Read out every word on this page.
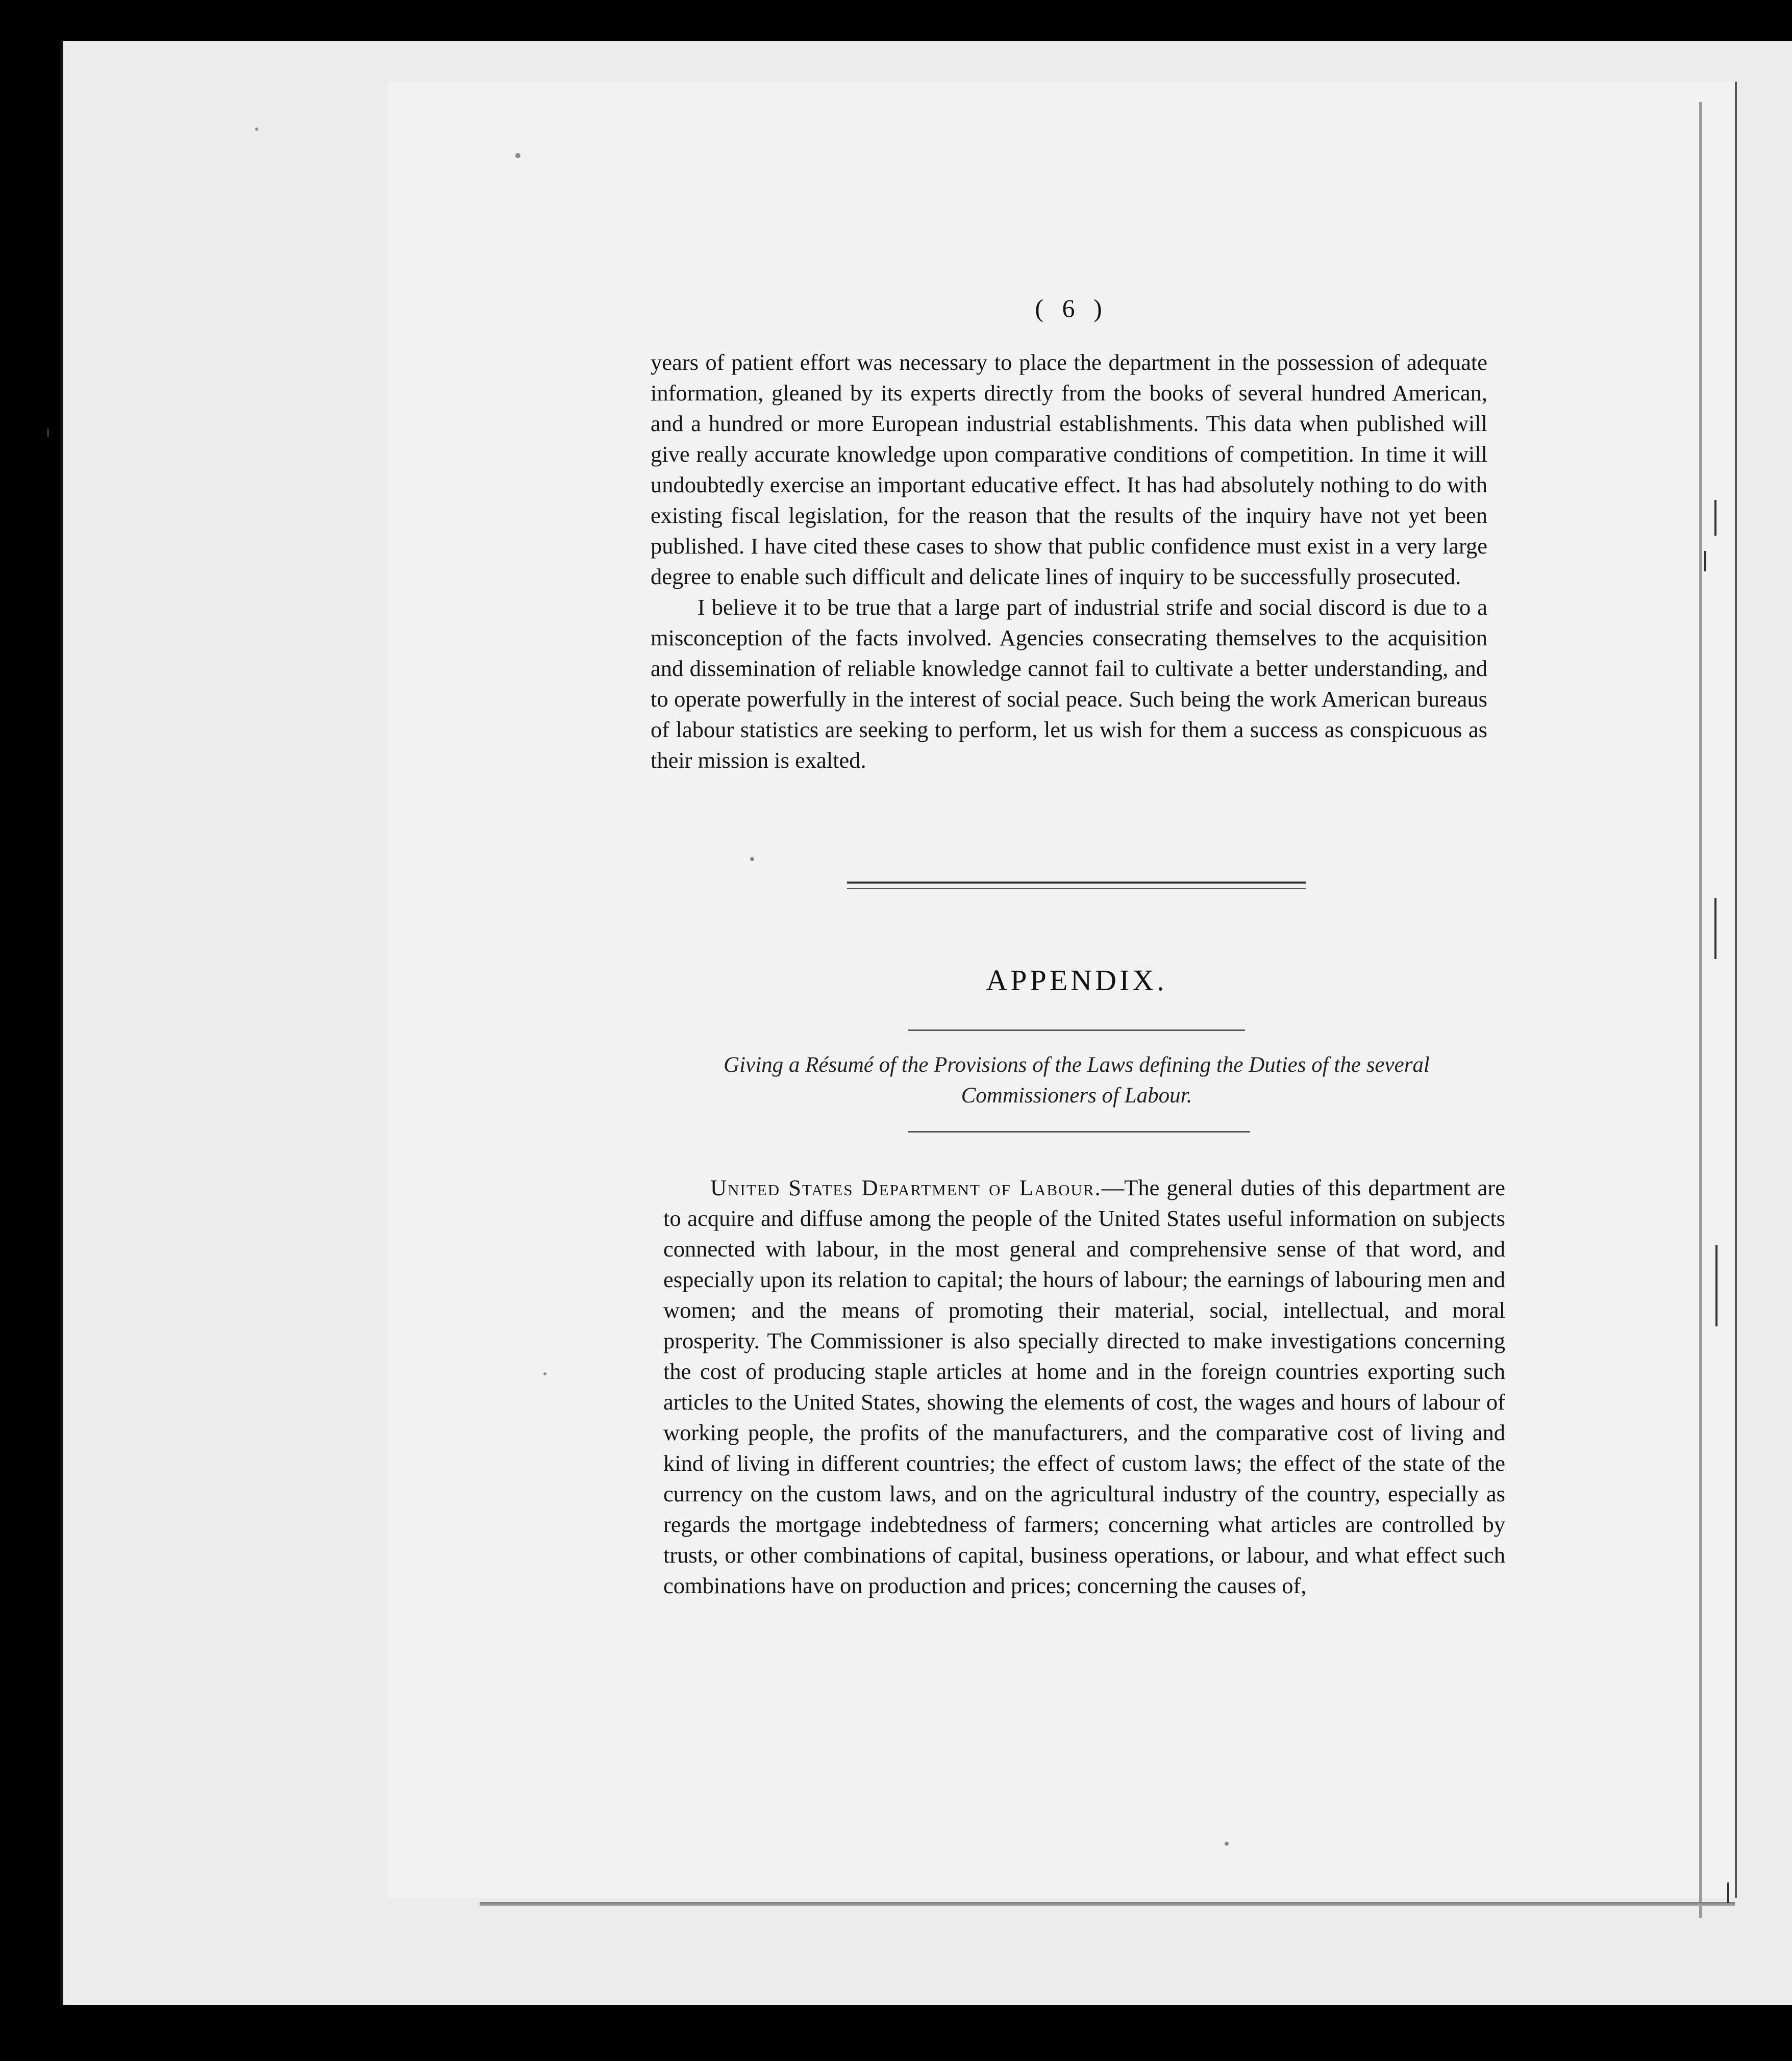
( 6 )

years of patient effort was necessary to place the department in the possession of adequate information, gleaned by its experts directly from the books of several hundred American, and a hundred or more European industrial establishments. This data when published will give really accurate knowledge upon comparative conditions of competition. In time it will undoubtedly exercise an important educative effect. It has had absolutely nothing to do with existing fiscal legislation, for the reason that the results of the inquiry have not yet been published. I have cited these cases to show that public confidence must exist in a very large degree to enable such difficult and delicate lines of inquiry to be successfully prosecuted.

I believe it to be true that a large part of industrial strife and social discord is due to a misconception of the facts involved. Agencies consecrating themselves to the acquisition and dissemination of reliable knowledge cannot fail to cultivate a better understanding, and to operate powerfully in the interest of social peace. Such being the work American bureaus of labour statistics are seeking to perform, let us wish for them a success as conspicuous as their mission is exalted.

APPENDIX.
Giving a Résumé of the Provisions of the Laws defining the Duties of the several Commissioners of Labour.

United States Department of Labour.—The general duties of this department are to acquire and diffuse among the people of the United States useful information on subjects connected with labour, in the most general and comprehensive sense of that word, and especially upon its relation to capital; the hours of labour; the earnings of labouring men and women; and the means of promoting their material, social, intellectual, and moral prosperity. The Commissioner is also specially directed to make investigations concerning the cost of producing staple articles at home and in the foreign countries exporting such articles to the United States, showing the elements of cost, the wages and hours of labour of working people, the profits of the manufacturers, and the comparative cost of living and kind of living in different countries; the effect of custom laws; the effect of the state of the currency on the custom laws, and on the agricultural industry of the country, especially as regards the mortgage indebtedness of farmers; concerning what articles are controlled by trusts, or other combinations of capital, business operations, or labour, and what effect such combinations have on production and prices; concerning the causes of,
